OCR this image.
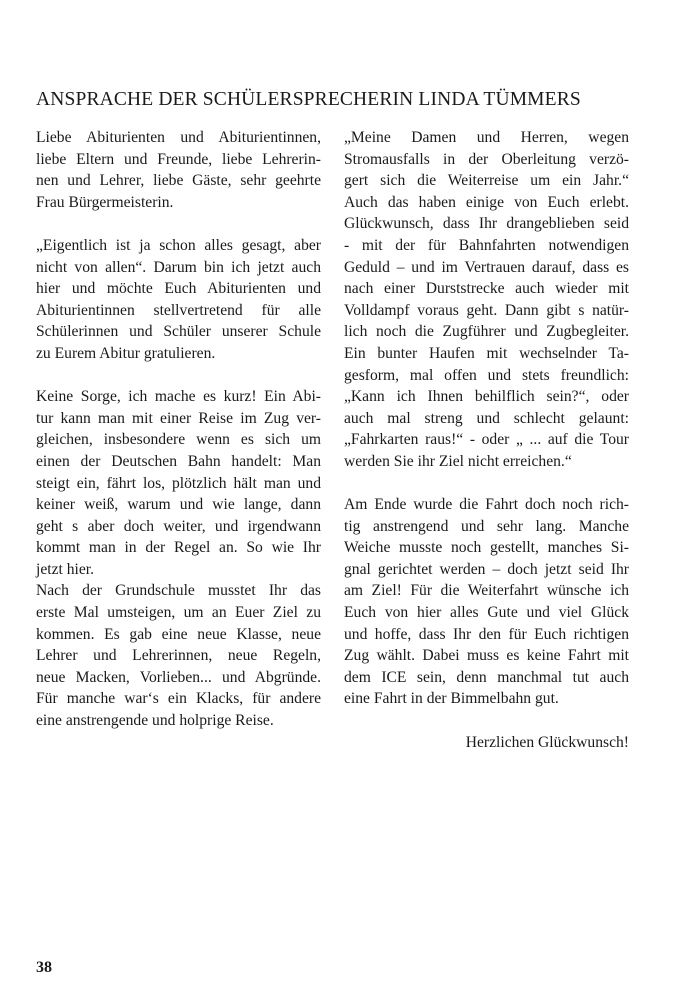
ANSPRACHE DER SCHÜLERSPRECHERIN LINDA TÜMMERS
Liebe Abiturienten und Abiturientinnen,
liebe Eltern und Freunde, liebe Lehrerin-
nen und Lehrer, liebe Gäste, sehr geehrte
Frau Bürgermeisterin.
„Eigentlich ist ja schon alles gesagt, aber
nicht von allen“. Darum bin ich jetzt auch
hier und möchte Euch Abiturienten und
Abiturientinnen stellvertretend für alle
Schülerinnen und Schüler unserer Schule
zu Eurem Abitur gratulieren.
Keine Sorge, ich mache es kurz! Ein Abi-
tur kann man mit einer Reise im Zug ver-
gleichen, insbesondere wenn es sich um
einen der Deutschen Bahn handelt: Man
steigt ein, fährt los, plötzlich hält man und
keiner weiß, warum und wie lange, dann
geht s aber doch weiter, und irgendwann
kommt man in der Regel an. So wie Ihr
jetzt hier.
Nach der Grundschule musstet Ihr das
erste Mal umsteigen, um an Euer Ziel zu
kommen. Es gab eine neue Klasse, neue
Lehrer und Lehrerinnen, neue Regeln,
neue Macken, Vorlieben... und Abgründe.
Für manche war‘s ein Klacks, für andere
eine anstrengende und holprige Reise.
„Meine Damen und Herren, wegen
Stromausfalls in der Oberleitung verzö-
gert sich die Weiterreise um ein Jahr.“
Auch das haben einige von Euch erlebt.
Glückwunsch, dass Ihr drangeblieben seid
- mit der für Bahnfahrten notwendigen
Geduld – und im Vertrauen darauf, dass es
nach einer Durststrecke auch wieder mit
Volldampf voraus geht. Dann gibt s natür-
lich noch die Zugführer und Zugbegleiter.
Ein bunter Haufen mit wechselnder Ta-
gesform, mal offen und stets freundlich:
„Kann ich Ihnen behilflich sein?“, oder
auch mal streng und schlecht gelaunt:
„Fahrkarten raus!“ - oder „ ... auf die Tour
werden Sie ihr Ziel nicht erreichen.“
Am Ende wurde die Fahrt doch noch rich-
tig anstrengend und sehr lang. Manche
Weiche musste noch gestellt, manches Si-
gnal gerichtet werden – doch jetzt seid Ihr
am Ziel! Für die Weiterfahrt wünsche ich
Euch von hier alles Gute und viel Glück
und hoffe, dass Ihr den für Euch richtigen
Zug wählt. Dabei muss es keine Fahrt mit
dem ICE sein, denn manchmal tut auch
eine Fahrt in der Bimmelbahn gut.
Herzlichen Glückwunsch!
38
